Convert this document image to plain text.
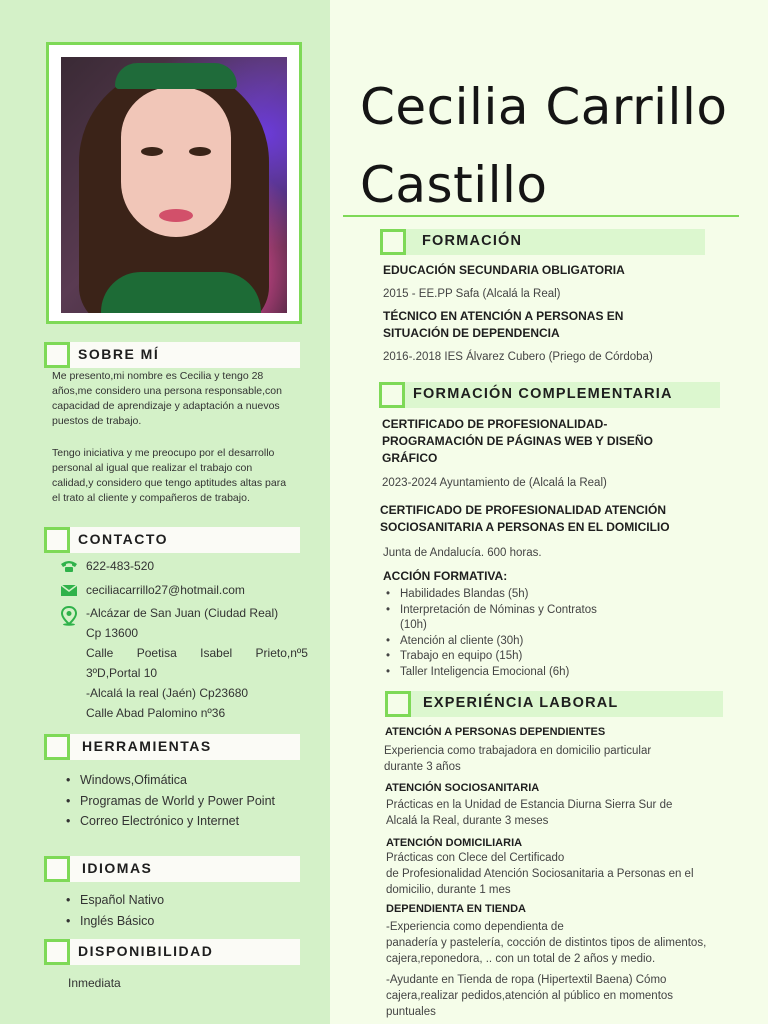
SOBRE MÍ
Me presento,mi nombre es Cecilia y tengo 28 años,me considero una persona responsable,con capacidad de aprendizaje y adaptación a nuevos puestos de trabajo.
Tengo iniciativa y me preocupo por el desarrollo personal al igual que realizar el trabajo con calidad,y considero que tengo aptitudes altas para el trato al cliente y compañeros de trabajo.
CONTACTO
622-483-520
ceciliacarrillo27@hotmail.com
-Alcázar de San Juan (Ciudad Real)
Cp 13600
Calle Poetisa Isabel Prieto,nº5
3ºD,Portal 10
-Alcalá la real (Jaén) Cp23680
Calle Abad Palomino nº36
HERRAMIENTAS
• Windows,Ofimática
• Programas de World y Power Point
• Correo Electrónico y Internet
IDIOMAS
• Español Nativo
• Inglés Básico
DISPONIBILIDAD
Inmediata
Cecilia Carrillo
Castillo
FORMACIÓN
EDUCACIÓN SECUNDARIA OBLIGATORIA
2015 - EE.PP Safa (Alcalá la Real)
TÉCNICO EN ATENCIÓN A PERSONAS EN
SITUACIÓN DE DEPENDENCIA
2016-.2018 IES Álvarez Cubero (Priego de Córdoba)
FORMACIÓN COMPLEMENTARIA
CERTIFICADO DE PROFESIONALIDAD-
PROGRAMACIÓN DE PÁGINAS WEB Y DISEÑO
GRÁFICO
2023-2024 Ayuntamiento de (Alcalá la Real)
CERTIFICADO DE PROFESIONALIDAD ATENCIÓN
SOCIOSANITARIA A PERSONAS EN EL DOMICILIO
Junta de Andalucía. 600 horas.
ACCIÓN FORMATIVA:
• Habilidades Blandas (5h)
• Interpretación de Nóminas y Contratos
(10h)
• Atención al cliente (30h)
• Trabajo en equipo (15h)
• Taller Inteligencia Emocional (6h)
EXPERIÉNCIA LABORAL
ATENCIÓN A PERSONAS DEPENDIENTES
Experiencia como trabajadora en domicilio particular
durante 3 años
ATENCIÓN SOCIOSANITARIA
Prácticas en la Unidad de Estancia Diurna Sierra Sur de
Alcalá la Real, durante 3 meses
ATENCIÓN DOMICILIARIA
Prácticas con Clece del Certificado
de Profesionalidad Atención Sociosanitaria a Personas en el
domicilio, durante 1 mes
DEPENDIENTA EN TIENDA
-Experiencia como dependienta de
panadería y pastelería, cocción de distintos tipos de alimentos,
cajera,reponedora, .. con un total de 2 años y medio.
-Ayudante en Tienda de ropa (Hipertextil Baena) Cómo
cajera,realizar pedidos,atención al público en momentos
puntuales
